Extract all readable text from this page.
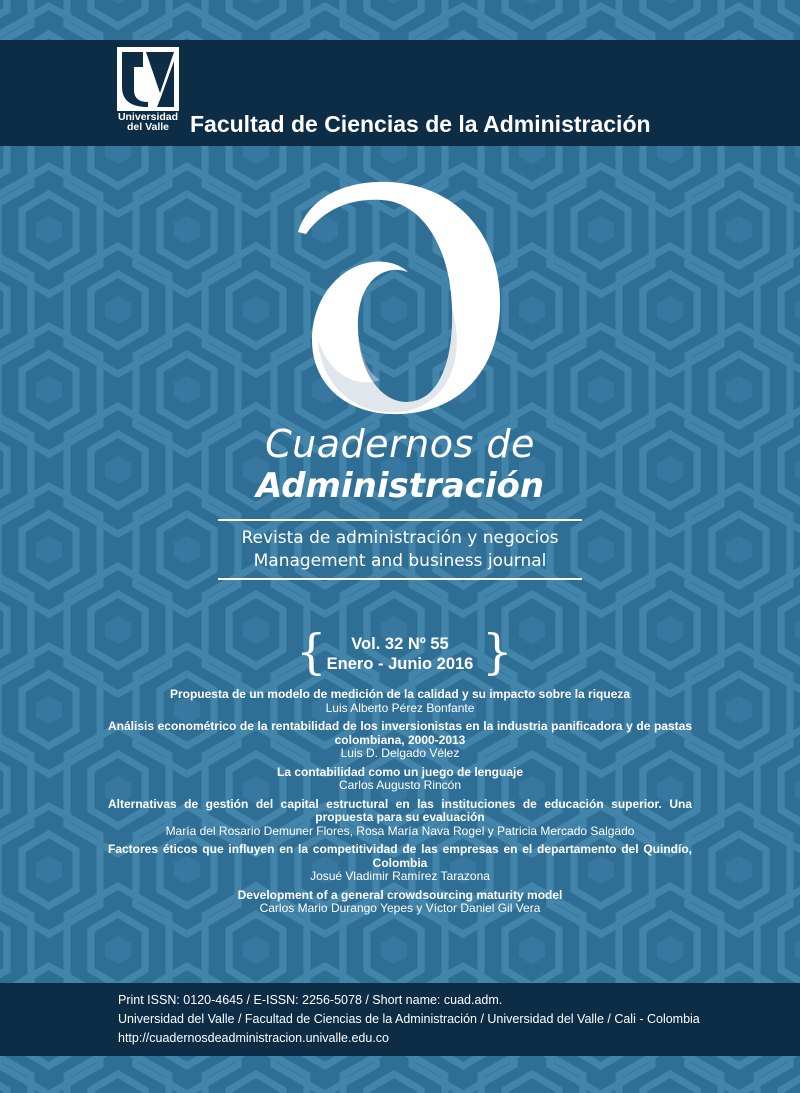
Universidad
del Valle Facultad de Ciencias de la Administración
Cuadernos de
Administración
Revista de administración y negocios
Management and business journal
{	}
Vol. 32 Nº 55
Enero - Junio 2016
Propuesta de un modelo de medición de la calidad y su impacto sobre la riqueza
Luis Alberto Pérez Bonfante
Análisis econométrico de la rentabilidad de los inversionistas en la industria panificadora y de pastas colombiana, 2000-2013
Luis D. Delgado Vélez
La contabilidad como un juego de lenguaje
Carlos Augusto Rincón
Alternativas de gestión del capital estructural en las instituciones de educación superior. Una propuesta para su evaluación
María del Rosario Demuner Flores, Rosa María Nava Rogel y Patricia Mercado Salgado
Factores éticos que influyen en la competitividad de las empresas en el departamento del Quindío, Colombia
Josué Vladimir Ramírez Tarazona
Development of a general crowdsourcing maturity model
Carlos Mario Durango Yepes y Víctor Daniel Gil Vera
Print ISSN: 0120-4645 / E-ISSN: 2256-5078 / Short name: cuad.adm.
Universidad del Valle / Facultad de Ciencias de la Administración / Universidad del Valle / Cali - Colombia
http://cuadernosdeadministracion.univalle.edu.co
